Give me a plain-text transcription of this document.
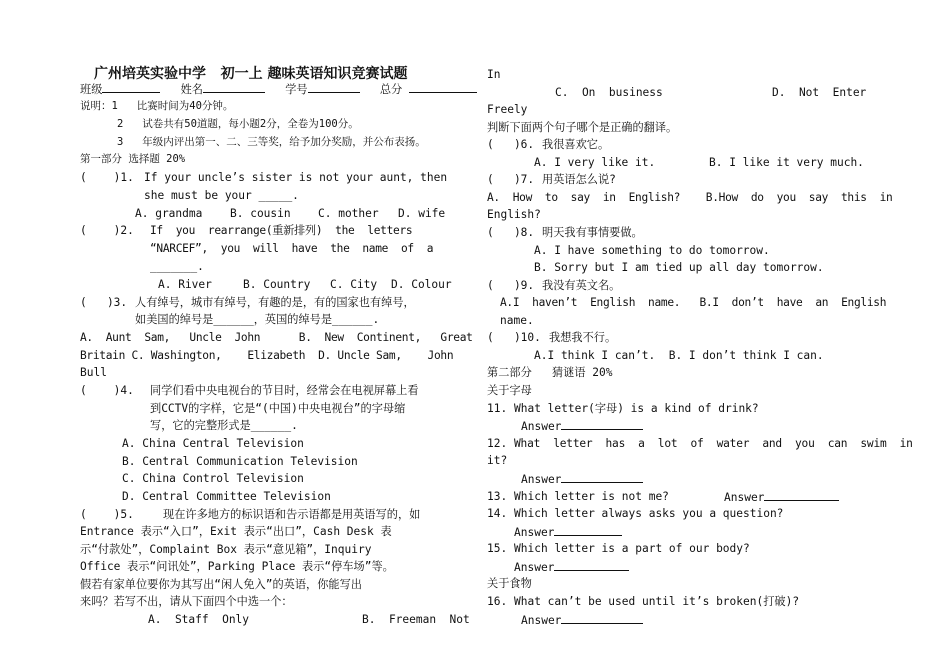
广州培英实验中学   初一上 趣味英语知识竞赛试题
班级	姓名	学号	总分
说明：1   比赛时间为40分钟。
2   试卷共有50道题，每小题2分，全卷为100分。
3   年级内评出第一、二、三等奖，给予加分奖励，并公布表扬。
第一部分 选择题 20%
(    )1. If your uncle’s sister is not your aunt, then
she must be your _____.
A. grandma B. cousin C. mother D. wife
(    )2. If  you  rearrange(重新排列)  the  letters
“NARCEF”,  you  will  have  the  name  of  a
_______.
A. River	B. Country C. City D. Colour
(   )3. 人有绰号，城市有绰号，有趣的是，有的国家也有绰号，
如美国的绰号是______，英国的绰号是______.
A.  Aunt  Sam,   Uncle  John      B.  New  Continent,   Great
Britain C. Washington,    Elizabeth  D. Uncle Sam,    John
Bull
(    )4. 同学们看中央电视台的节目时，经常会在电视屏幕上看
到CCTV的字样，它是“(中国)中央电视台”的字母缩
写，它的完整形式是______.
A. China Central Television
B. Central Communication Television
C. China Control Television
D. Central Committee Television
(    )5.	现在许多地方的标识语和告示语都是用英语写的，如
Entrance 表示“入口”，Exit 表示“出口”，Cash Desk 表
示“付款处”，Complaint Box 表示“意见箱”，Inquiry
Office 表示“问讯处”，Parking Place 表示“停车场”等。
假若有家单位要你为其写出“闲人免入”的英语，你能写出
来吗？若写不出，请从下面四个中选一个：
A.  Staff  Only	B.  Freeman  Not
In
C.  On  business	D.  Not  Enter
Freely
判断下面两个句子哪个是正确的翻译。
(   )6. 我很喜欢它。
A. I very like it.	B. I like it very much.
(   )7. 用英语怎么说?
A.  How  to  say  in  English?    B.How  do  you  say  this  in
English?
(   )8. 明天我有事情要做。
A. I have something to do tomorrow.
B. Sorry but I am tied up all day tomorrow.
(   )9. 我没有英文名。
A.I  haven’t  English  name.   B.I  don’t  have  an  English
name.
(   )10. 我想我不行。
A.I think I can’t.  B. I don’t think I can.
第二部分   猜谜语 20%
关于字母
11. What letter(字母) is a kind of drink?
Answer
12. What  letter  has  a  lot  of  water  and  you  can  swim  in
it?
Answer
13. Which letter is not me?	Answer
14. Which letter always asks you a question?
Answer
15. Which letter is a part of our body?
Answer
关于食物
16. What can’t be used until it’s broken(打破)?
Answer
